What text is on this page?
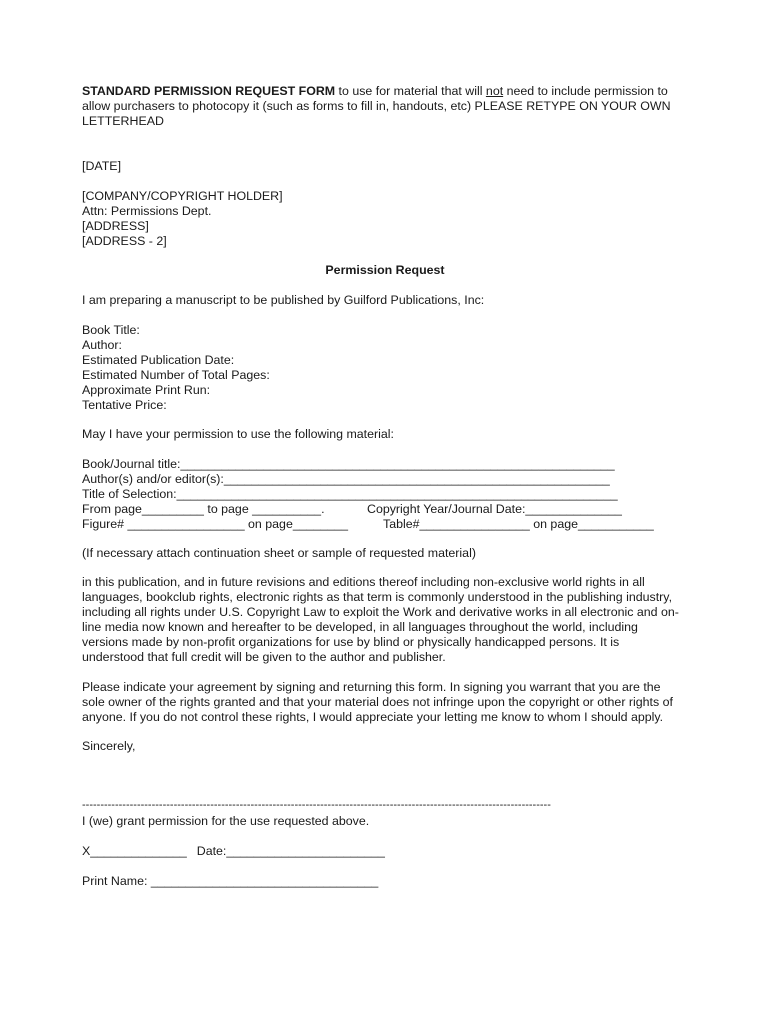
STANDARD PERMISSION REQUEST FORM to use for material that will not need to include permission to
allow purchasers to photocopy it (such as forms to fill in, handouts, etc) PLEASE RETYPE ON YOUR OWN
LETTERHEAD
[DATE]
[COMPANY/COPYRIGHT HOLDER]
Attn: Permissions Dept.
[ADDRESS]
[ADDRESS - 2]
Permission Request
I am preparing a manuscript to be published by Guilford Publications, Inc:
Book Title:
Author:
Estimated Publication Date:
Estimated Number of Total Pages:
Approximate Print Run:
Tentative Price:
May I have your permission to use the following material:
Book/Journal title:_______________________________________________________________
Author(s) and/or editor(s):________________________________________________________
Title of Selection:________________________________________________________________
From page_________ to page __________.	Copyright Year/Journal Date:______________
Figure# _________________ on page________	Table#________________ on page___________
(If necessary attach continuation sheet or sample of requested material)
in this publication, and in future revisions and editions thereof including non-exclusive world rights in all
languages, bookclub rights, electronic rights as that term is commonly understood in the publishing industry,
including all rights under U.S. Copyright Law to exploit the Work and derivative works in all electronic and on-
line media now known and hereafter to be developed, in all languages throughout the world, including
versions made by non-profit organizations for use by blind or physically handicapped persons. It is
understood that full credit will be given to the author and publisher.
Please indicate your agreement by signing and returning this form. In signing you warrant that you are the
sole owner of the rights granted and that your material does not infringe upon the copyright or other rights of
anyone. If you do not control these rights, I would appreciate your letting me know to whom I should apply.
Sincerely,
--------------------------------------------------------------------------------------------------------------------------------
I (we) grant permission for the use requested above.
X______________ Date:_______________________
Print Name: _________________________________
